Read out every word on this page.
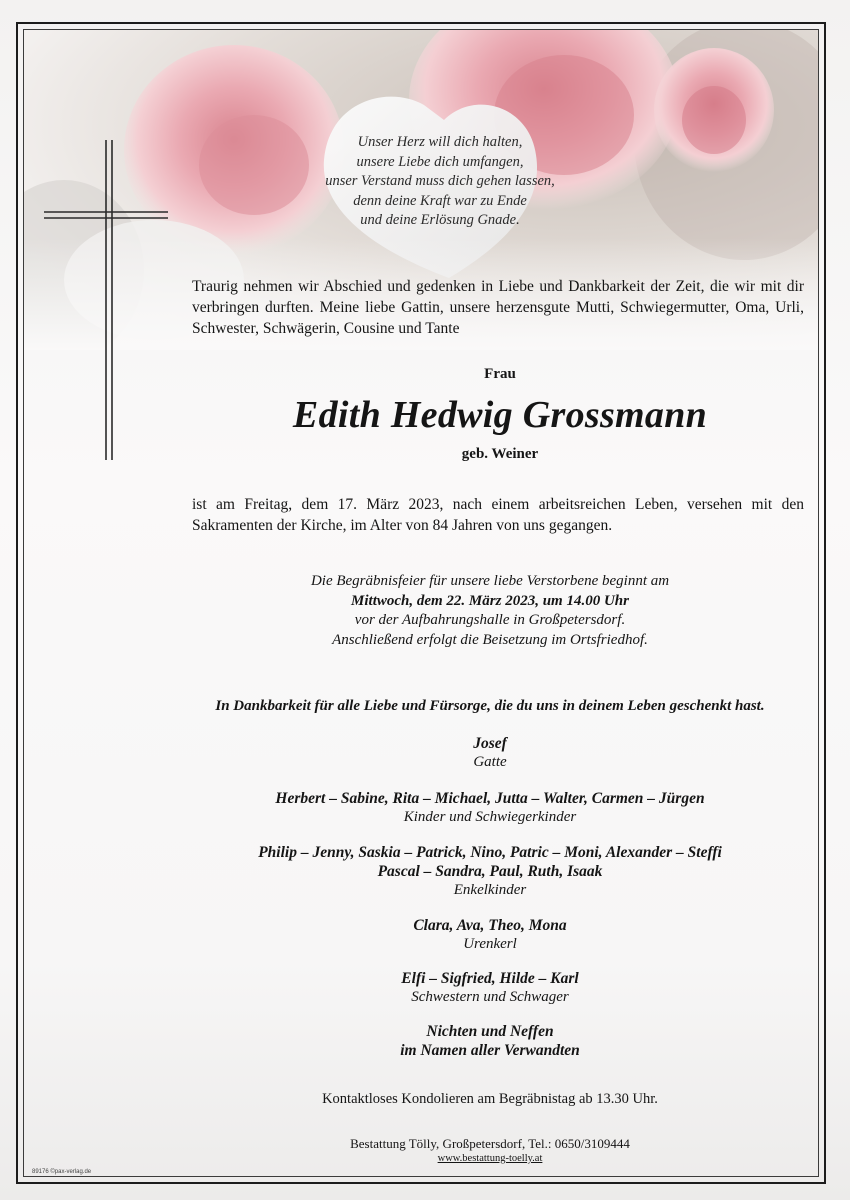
Unser Herz will dich halten,
unsere Liebe dich umfangen,
unser Verstand muss dich gehen lassen,
denn deine Kraft war zu Ende
und deine Erlösung Gnade.
Traurig nehmen wir Abschied und gedenken in Liebe und Dankbarkeit der Zeit, die wir mit dir verbringen durften. Meine liebe Gattin, unsere herzensgute Mutti, Schwiegermutter, Oma, Urli, Schwester, Schwägerin, Cousine und Tante
Frau
Edith Hedwig Grossmann
geb. Weiner
ist am Freitag, dem 17. März 2023, nach einem arbeitsreichen Leben, versehen mit den Sakramenten der Kirche, im Alter von 84 Jahren von uns gegangen.
Die Begräbnisfeier für unsere liebe Verstorbene beginnt am
Mittwoch, dem 22. März 2023, um 14.00 Uhr
vor der Aufbahrungshalle in Großpetersdorf.
Anschließend erfolgt die Beisetzung im Ortsfriedhof.
In Dankbarkeit für alle Liebe und Fürsorge, die du uns in deinem Leben geschenkt hast.
Josef
Gatte
Herbert – Sabine, Rita – Michael, Jutta – Walter, Carmen – Jürgen
Kinder und Schwiegerkinder
Philip – Jenny, Saskia – Patrick, Nino, Patric – Moni, Alexander – Steffi
Pascal – Sandra, Paul, Ruth, Isaak
Enkelkinder
Clara, Ava, Theo, Mona
Urenkerl
Elfi – Sigfried, Hilde – Karl
Schwestern und Schwager
Nichten und Neffen
im Namen aller Verwandten
Kontaktloses Kondolieren am Begräbnistag ab 13.30 Uhr.
Bestattung Tölly, Großpetersdorf, Tel.: 0650/3109444
www.bestattung-toelly.at
89176 ©pax-verlag.de
